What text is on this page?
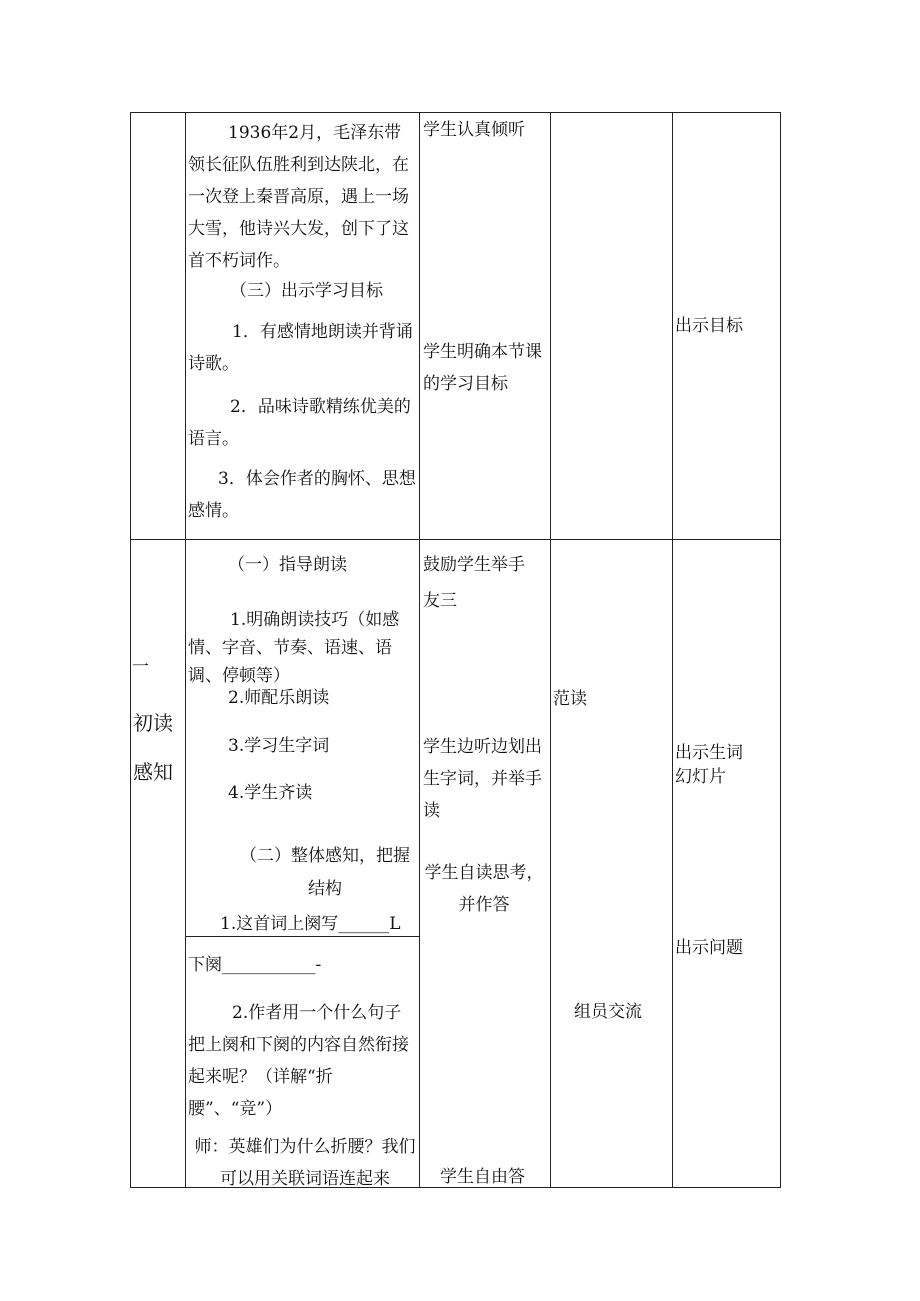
1936年2月，毛泽东带领长征队伍胜利到达陕北，在一次登上秦晋高原，遇上一场大雪，他诗兴大发，创下了这首不朽词作。
（三）出示学习目标
1．有感情地朗读并背诵诗歌。
2．品味诗歌精练优美的语言。
3．体会作者的胸怀、思想感情。
学生认真倾听
学生明确本节课的学习目标
出示目标
一
初读
感知
（一）指导朗读
1.明确朗读技巧（如感情、字音、节奏、语速、语调、停顿等）
2.师配乐朗读
3.学习生字词
4.学生齐读
（二）整体感知，把握结构
1.这首词上阕写______L
下阕___________-
2.作者用一个什么句子把上阕和下阕的内容自然衔接起来呢？（详解“折腰”、“竞”）
师：英雄们为什么折腰？我们可以用关联词语连起来
鼓励学生举手
友三
学生边听边划出生字词，并举手读
学生自读思考，并作答
学生自由答
范读
组员交流
出示生词幻灯片
出示问题
